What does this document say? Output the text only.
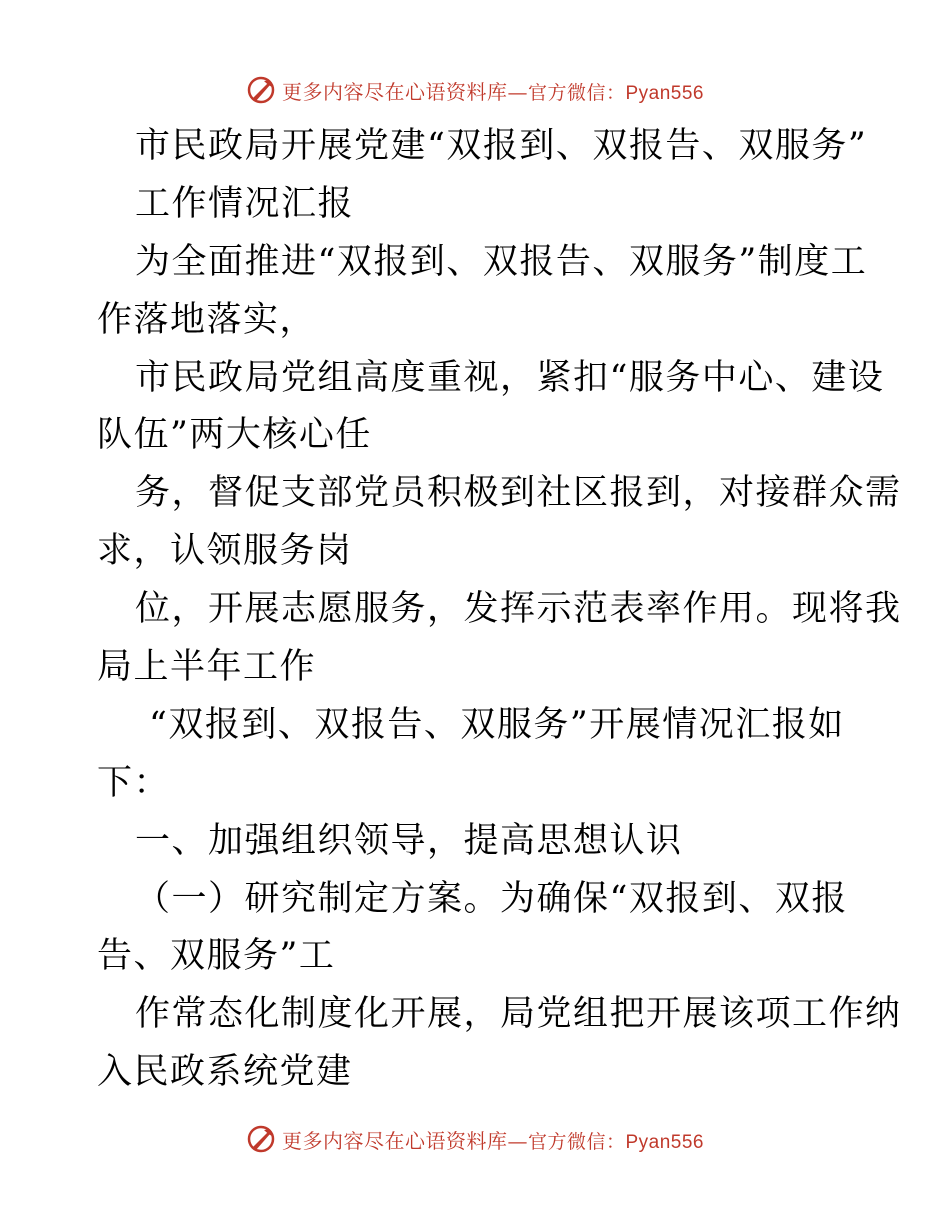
更多内容尽在心语资料库—官方微信：Pyan556
市民政局开展党建“双报到、双报告、双服务”
工作情况汇报
为全面推进“双报到、双报告、双服务”制度工
作落地落实，
市民政局党组高度重视，紧扣“服务中心、建设
队伍”两大核心任
务，督促支部党员积极到社区报到，对接群众需
求，认领服务岗
位，开展志愿服务，发挥示范表率作用。现将我
局上半年工作
“双报到、双报告、双服务”开展情况汇报如
下：
一、加强组织领导，提高思想认识
（一）研究制定方案。为确保“双报到、双报
告、双服务”工
作常态化制度化开展，局党组把开展该项工作纳
入民政系统党建
更多内容尽在心语资料库—官方微信：Pyan556
